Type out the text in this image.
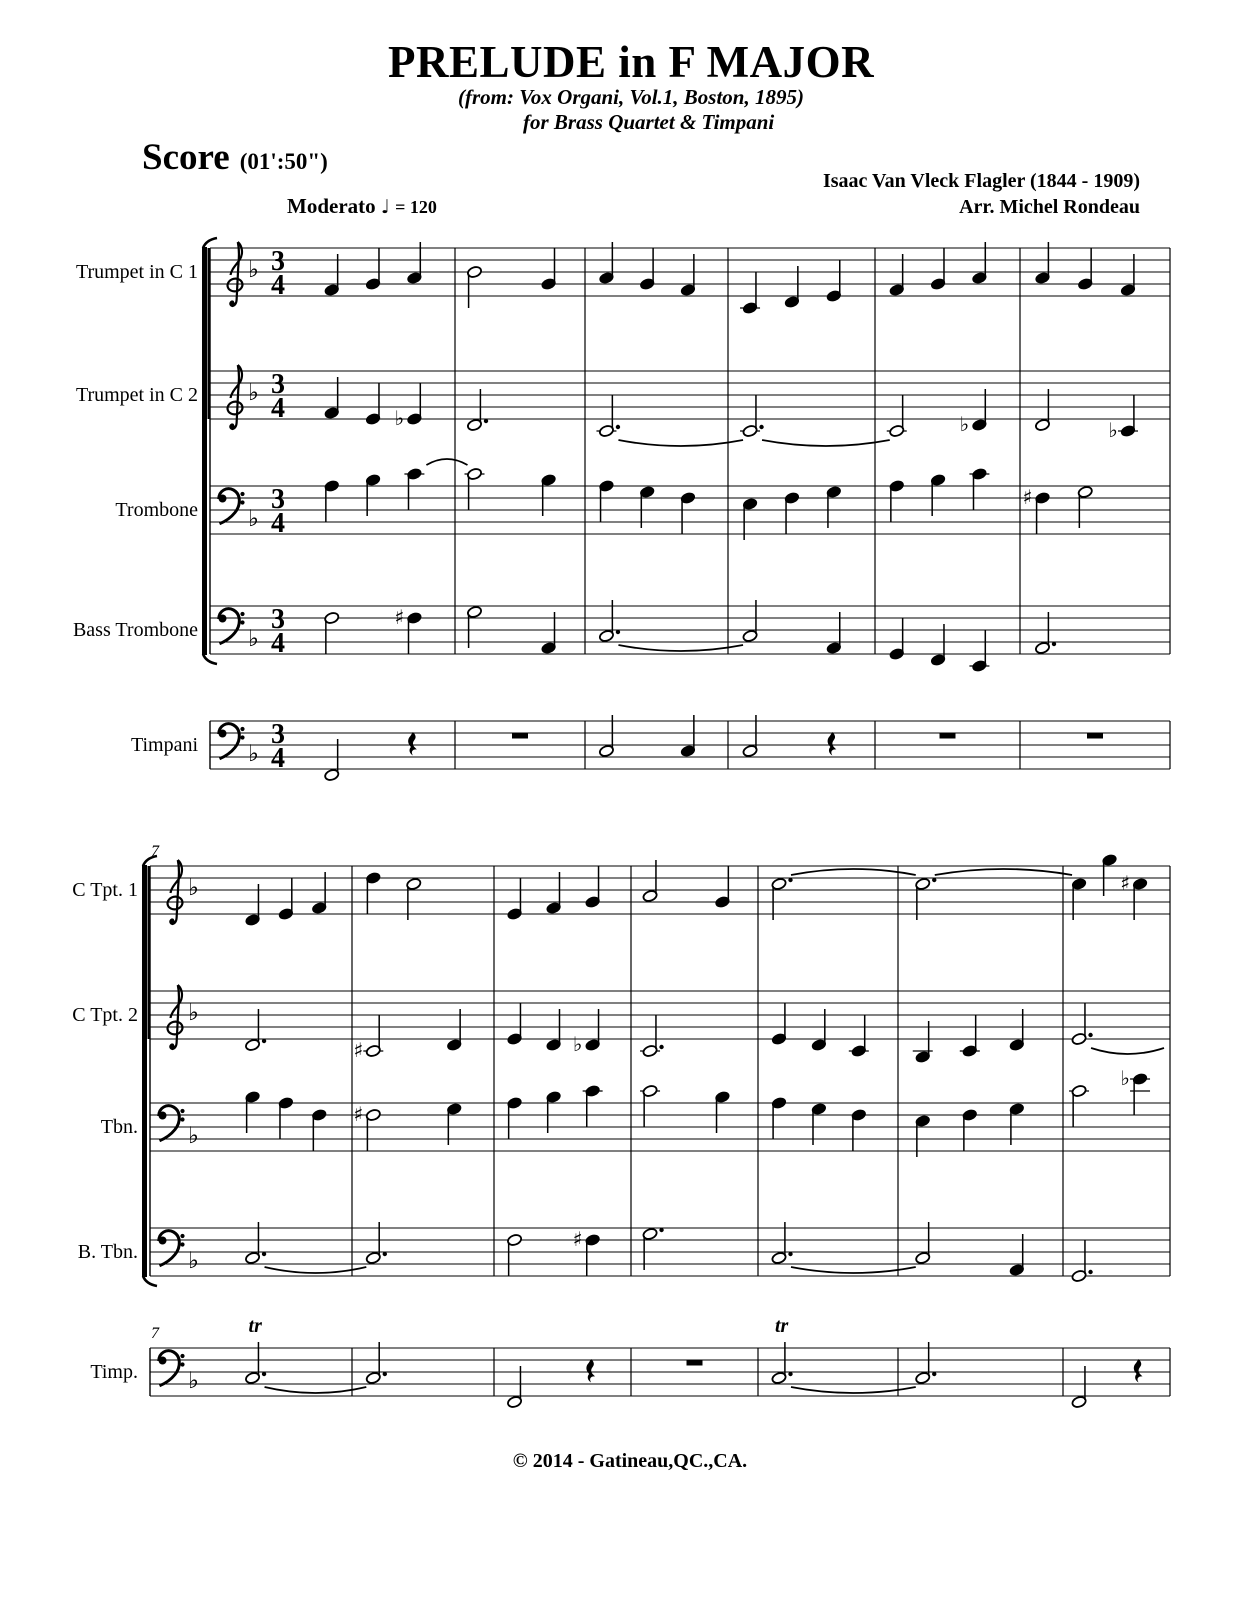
PRELUDE in F MAJOR
(from: Vox Organi, Vol.1, Boston, 1895)
for Brass Quartet & Timpani
Score (01':50")
Isaac Van Vleck Flagler (1844 - 1909)
Arr. Michel Rondeau
Moderato ♩ = 120
Trumpet in C 1 ♭ 3
4
Trumpet in C 2 ♭ 3
4	♭	♭	♭
Trombone ♭
3
4
♯
Bass Trombone ♭
3
4
♯
Timpani ♭
3
4
C Tpt. 1 ♭	♯
C Tpt. 2 ♭
♯	♭
Tbn. ♭
♯
♭
B. Tbn. ♭
♯
Timp. ♭
tr	tr
7
7
© 2014 - Gatineau,QC.,CA.
